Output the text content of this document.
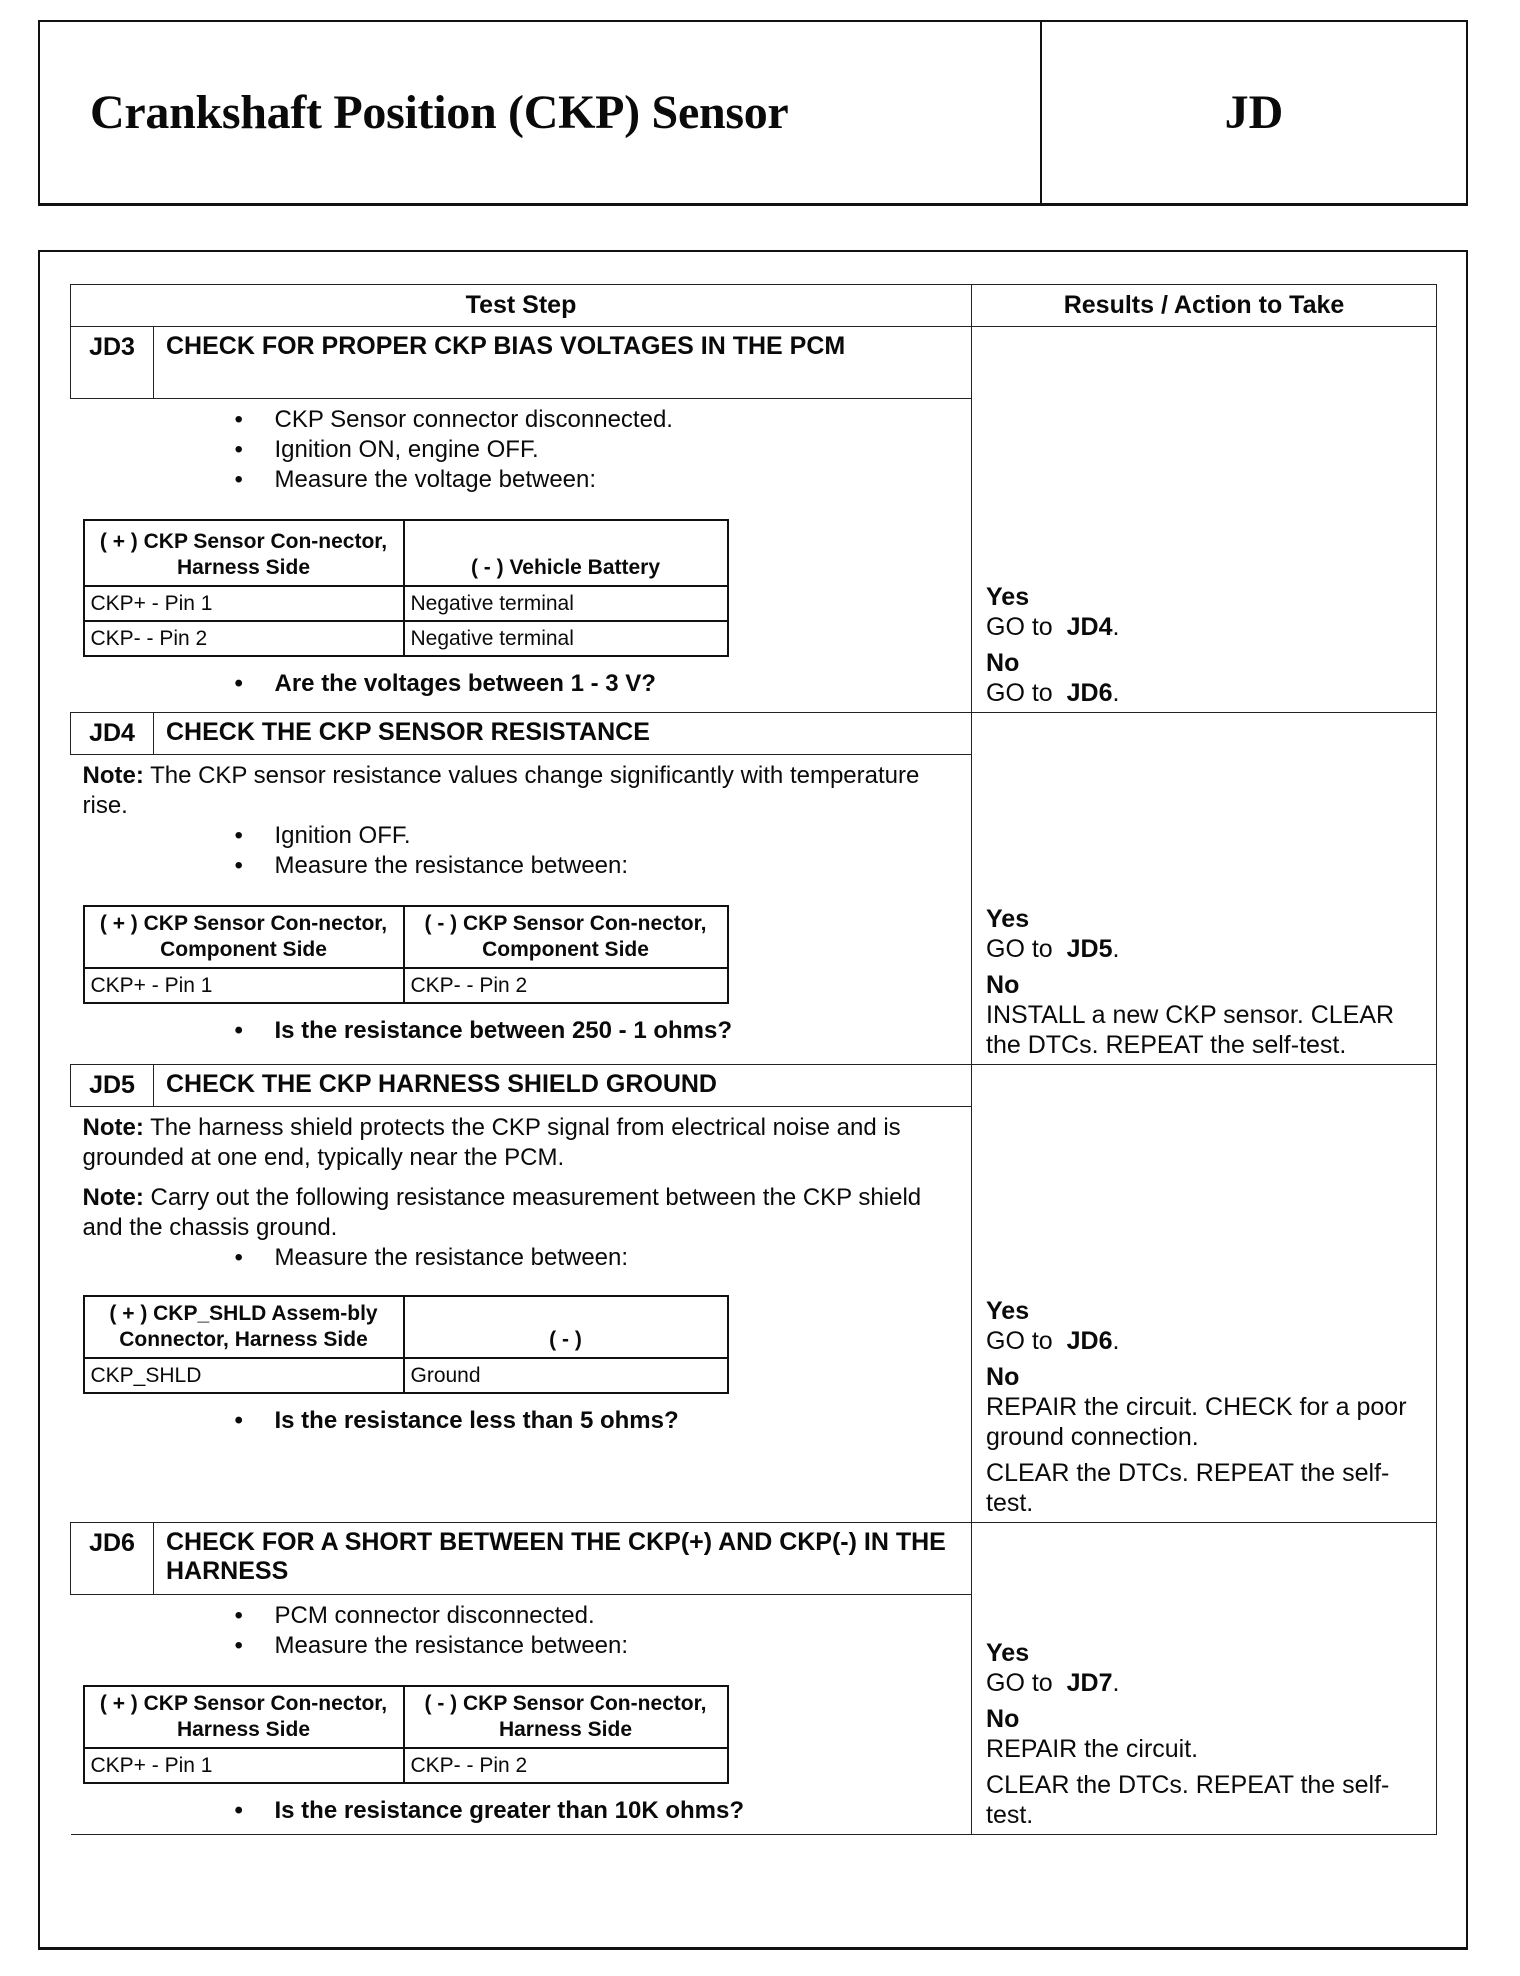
Crankshaft Position (CKP) Sensor	JD
Test Step	Results / Action to Take
JD3	CHECK FOR PROPER CKP BIAS VOLTAGES IN THE PCM	
Yes
GO to JD4.
No
GO to JD6.

• CKP Sensor connector disconnected.
• Ignition ON, engine OFF.
• Measure the voltage between:
( + ) CKP Sensor Con-nector, Harness Side	( - ) Vehicle Battery
CKP+ - Pin 1	Negative terminal
CKP- - Pin 2	Negative terminal
• Are the voltages between 1 - 3 V?

JD4	CHECK THE CKP SENSOR RESISTANCE	
Yes
GO to JD5.
No
INSTALL a new CKP sensor. CLEAR the DTCs. REPEAT the self-test.

Note: The CKP sensor resistance values change significantly with temperature rise.
• Ignition OFF.
• Measure the resistance between:
( + ) CKP Sensor Con-nector, Component Side	( - ) CKP Sensor Con-nector, Component Side
CKP+ - Pin 1	CKP- - Pin 2
• Is the resistance between 250 - 1 ohms?

JD5	CHECK THE CKP HARNESS SHIELD GROUND	
Yes
GO to JD6.
No
REPAIR the circuit. CHECK for a poor ground connection.
CLEAR the DTCs. REPEAT the self-test.

Note: The harness shield protects the CKP signal from electrical noise and is grounded at one end, typically near the PCM.
Note: Carry out the following resistance measurement between the CKP shield and the chassis ground.
• Measure the resistance between:
( + ) CKP_SHLD Assem-bly Connector, Harness Side	( - )
CKP_SHLD	Ground
• Is the resistance less than 5 ohms?

JD6	CHECK FOR A SHORT BETWEEN THE CKP(+) AND CKP(-) IN THE HARNESS	
Yes
GO to JD7.
No
REPAIR the circuit.
CLEAR the DTCs. REPEAT the self-test.

• PCM connector disconnected.
• Measure the resistance between:
( + ) CKP Sensor Con-nector, Harness Side	( - ) CKP Sensor Con-nector, Harness Side
CKP+ - Pin 1	CKP- - Pin 2
• Is the resistance greater than 10K ohms?
